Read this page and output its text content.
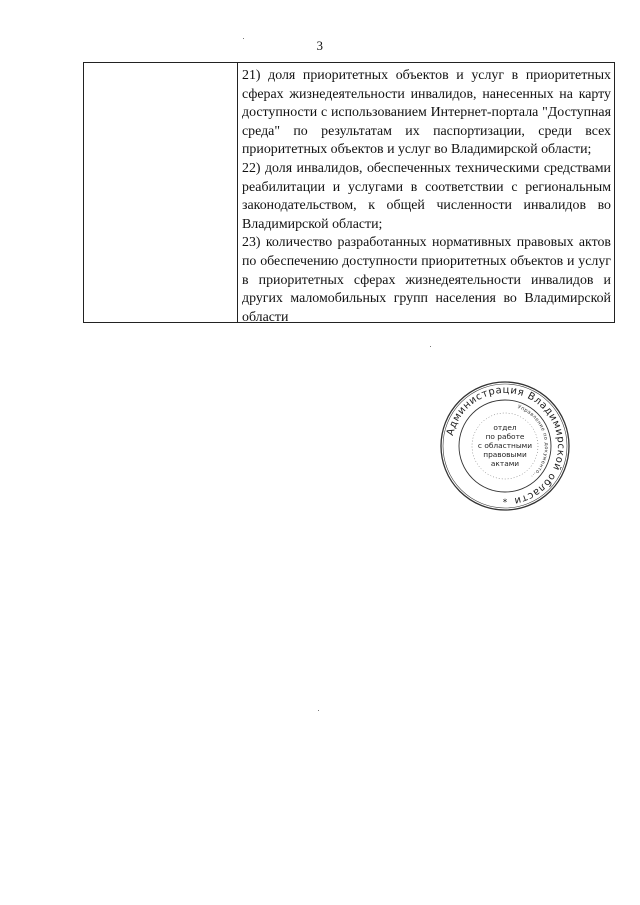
3

21) доля приоритетных объектов и услуг в приоритетных сферах жизнедеятельности инвалидов, нанесенных на карту доступности с использованием Интернет-портала "Доступная среда" по результатам их паспортизации, среди всех приоритетных объектов и услуг во Владимирской области;

22) доля инвалидов, обеспеченных техническими средствами реабилитации и услугами в соответствии с региональным законодательством, к общей численности инвалидов во Владимирской области;

23) количество разработанных нормативных правовых актов по обеспечению доступности приоритетных объектов и услуг в приоритетных сферах жизнедеятельности инвалидов и других маломобильных групп населения во Владимирской области

Администрация Владимирской области
Управление по документо...
отдел
по работе
с областными
правовыми
актами
*
